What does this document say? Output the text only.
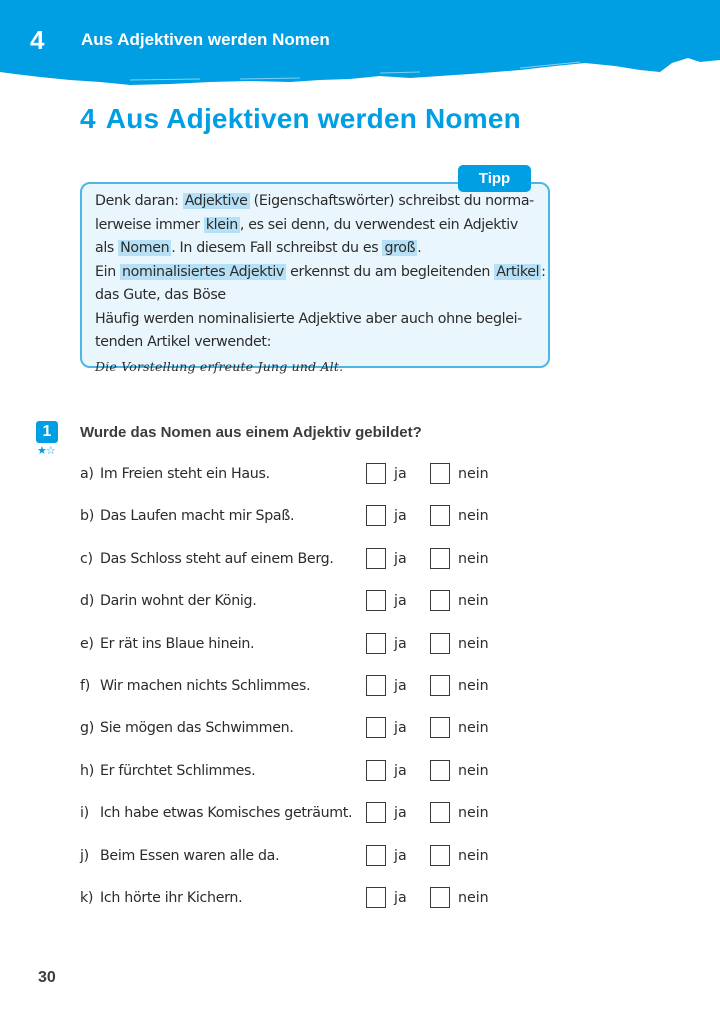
4 Aus Adjektiven werden Nomen
4 Aus Adjektiven werden Nomen
Tipp
Denk daran: Adjektive (Eigenschaftswörter) schreibst du norma-
lerweise immer klein , es sei denn, du verwendest ein Adjektiv
als Nomen . In diesem Fall schreibst du es groß .
Ein nominalisiertes Adjektiv erkennst du am begleitenden Artikel :
das Gute, das Böse
Häufig werden nominalisierte Adjektive aber auch ohne beglei-
tenden Artikel verwendet:
Die Vorstellung erfreute Jung und Alt.
1
★☆
Wurde das Nomen aus einem Adjektiv gebildet?
a) Im Freien steht ein Haus.	ja	nein
b) Das Laufen macht mir Spaß.	ja	nein
c) Das Schloss steht auf einem Berg.	ja	nein
d) Darin wohnt der König.	ja	nein
e) Er rät ins Blaue hinein.	ja	nein
f) Wir machen nichts Schlimmes.	ja	nein
g) Sie mögen das Schwimmen.	ja	nein
h) Er fürchtet Schlimmes.	ja	nein
i) Ich habe etwas Komisches geträumt.	ja	nein
j) Beim Essen waren alle da.	ja	nein
k) Ich hörte ihr Kichern.	ja	nein
30
